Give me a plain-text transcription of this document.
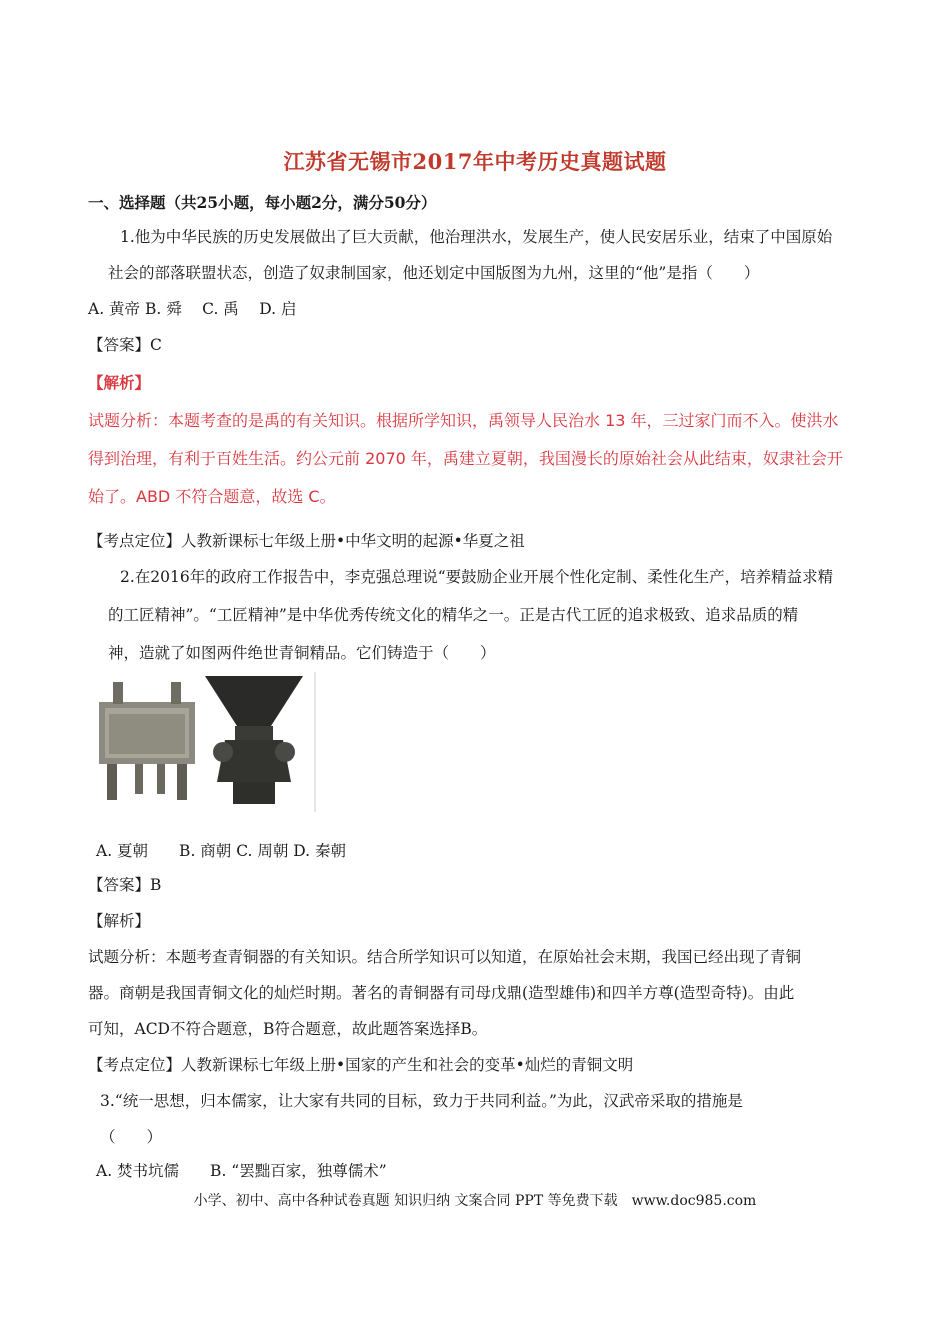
江苏省无锡市2017年中考历史真题试题
一、选择题（共25小题，每小题2分，满分50分）
1.他为中华民族的历史发展做出了巨大贡献，他治理洪水，发展生产，使人民安居乐业，结束了中国原始
社会的部落联盟状态，创造了奴隶制国家，他还划定中国版图为九州，这里的“他”是指（　　）
A. 黄帝 B. 舜　 C. 禹　 D. 启
【答案】C
【解析】
试题分析：本题考查的是禹的有关知识。根据所学知识，禹领导人民治水 13 年，三过家门而不入。使洪水
得到治理，有利于百姓生活。约公元前 2070 年，禹建立夏朝，我国漫长的原始社会从此结束，奴隶社会开
始了。ABD 不符合题意，故选 C。
【考点定位】人教新课标七年级上册•中华文明的起源•华夏之祖
2.在2016年的政府工作报告中，李克强总理说“要鼓励企业开展个性化定制、柔性化生产，培养精益求精
的工匠精神”。“工匠精神”是中华优秀传统文化的精华之一。正是古代工匠的追求极致、追求品质的精
神，造就了如图两件绝世青铜精品。它们铸造于（　　）
A. 夏朝　　B. 商朝 C. 周朝 D. 秦朝
【答案】B
【解析】
试题分析：本题考查青铜器的有关知识。结合所学知识可以知道，在原始社会末期，我国已经出现了青铜
器。商朝是我国青铜文化的灿烂时期。著名的青铜器有司母戊鼎(造型雄伟)和四羊方尊(造型奇特)。由此
可知，ACD不符合题意，B符合题意，故此题答案选择B。
【考点定位】人教新课标七年级上册•国家的产生和社会的变革•灿烂的青铜文明
3.“统一思想，归本儒家，让大家有共同的目标，致力于共同利益。”为此，汉武帝采取的措施是
（　　）
A. 焚书坑儒　　B. “罢黜百家，独尊儒术”
小学、初中、高中各种试卷真题 知识归纳 文案合同 PPT 等免费下载　www.doc985.com
